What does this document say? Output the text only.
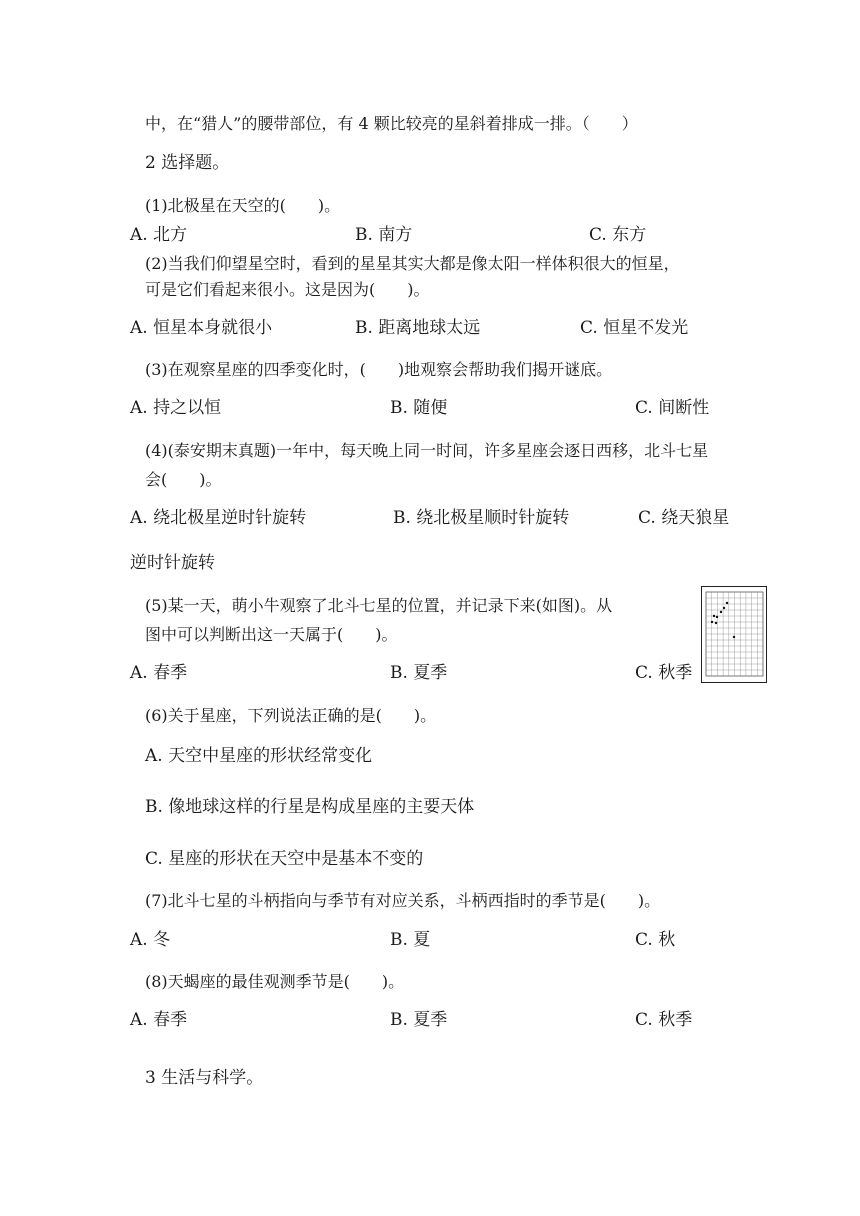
中，在“猎人”的腰带部位，有 4 颗比较亮的星斜着排成一排。（　　）
2 选择题。
(1)北极星在天空的(　　)。
A. 北方	B. 南方	C. 东方
(2)当我们仰望星空时，看到的星星其实大都是像太阳一样体积很大的恒星，
可是它们看起来很小。这是因为(　　)。
A. 恒星本身就很小	B. 距离地球太远	C. 恒星不发光
(3)在观察星座的四季变化时，(　　)地观察会帮助我们揭开谜底。
A. 持之以恒	B. 随便	C. 间断性
(4)(泰安期末真题)一年中，每天晚上同一时间，许多星座会逐日西移，北斗七星
会(　　)。
A. 绕北极星逆时针旋转	B. 绕北极星顺时针旋转	C. 绕天狼星
逆时针旋转
(5)某一天，萌小牛观察了北斗七星的位置，并记录下来(如图)。从
图中可以判断出这一天属于(　　)。
A. 春季	B. 夏季	C. 秋季
(6)关于星座，下列说法正确的是(　　)。
A. 天空中星座的形状经常变化
B. 像地球这样的行星是构成星座的主要天体
C. 星座的形状在天空中是基本不变的
(7)北斗七星的斗柄指向与季节有对应关系，斗柄西指时的季节是(　　)。
A. 冬	B. 夏	C. 秋
(8)天蝎座的最佳观测季节是(　　)。
A. 春季	B. 夏季	C. 秋季
3 生活与科学。
